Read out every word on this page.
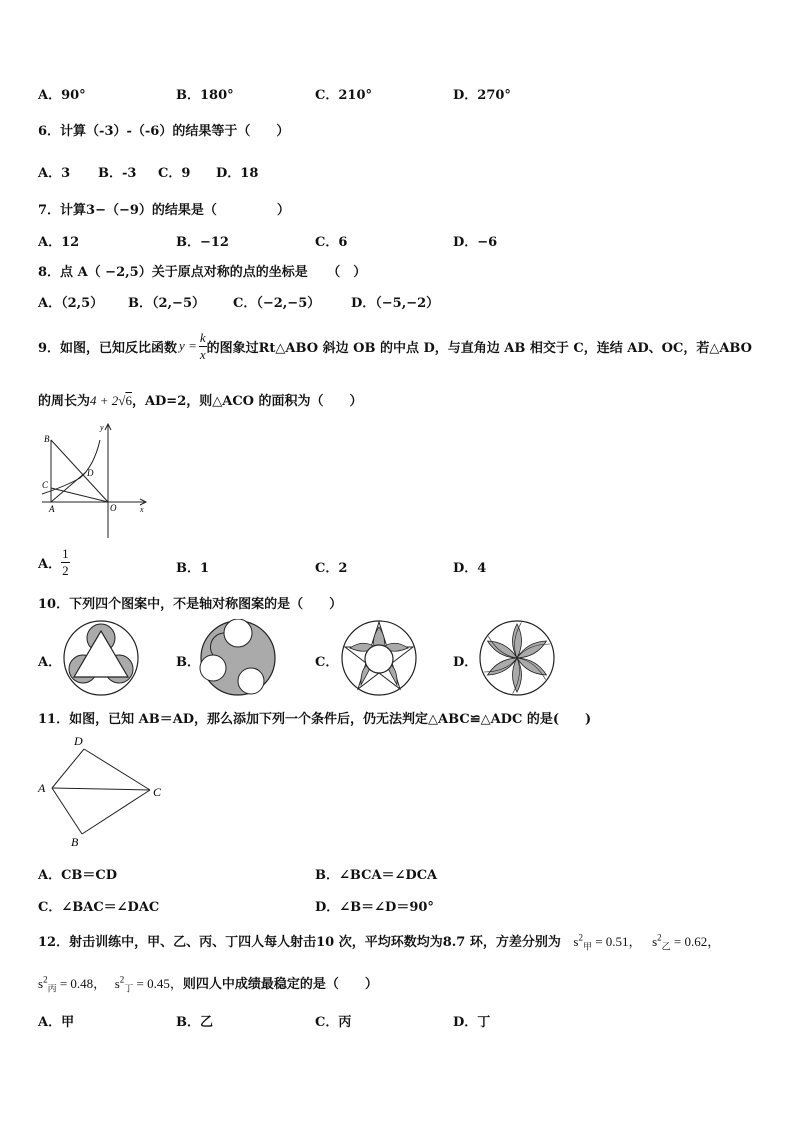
A．90°	B．180°	C．210°	D．270°
6．计算（-3）-（-6）的结果等于（　　）
A．3 B．-3 C．9 D．18
7．计算3−（−9）的结果是（	）
A．12	B．−12	C．6	D．−6
8．点 A（ −2,5）关于原点对称的点的坐标是　　（　）
A．（2,5） B．（2,−5） C．（−2,−5） D．（−5,−2）
9．如图，已知反比函数 $y = \frac{k}{x}$ 的图象过Rt△ABO 斜边 OB 的中点 D，与直角边 AB 相交于 C，连结 AD、OC，若△ABO
的周长为4 + 2√6，AD=2，则△ACO 的面积为（　　）
B
C
D
A	O	x
y
A． $\frac{1}{2}$	B．1	C．2	D．4
10．下列四个图案中，不是轴对称图案的是（　　）
A．	B．	C．	D．
11．如图，已知 AB＝AD，那么添加下列一个条件后，仍无法判定△ABC≌△ADC 的是(　　)
D
A	C
B
A．CB＝CD	B．∠BCA＝∠DCA
C．∠BAC＝∠DAC	D．∠B＝∠D＝90°
12．射击训练中，甲、乙、丙、丁四人每人射击10 次，平均环数均为8.7 环，方差分别为 $s^2_甲 = 0.51$， $s^2_乙 = 0.62$，
$s^2_丙 = 0.48$， $s^2_丁 = 0.45$，则四人中成绩最稳定的是（　　）
A．甲	B．乙	C．丙	D．丁
